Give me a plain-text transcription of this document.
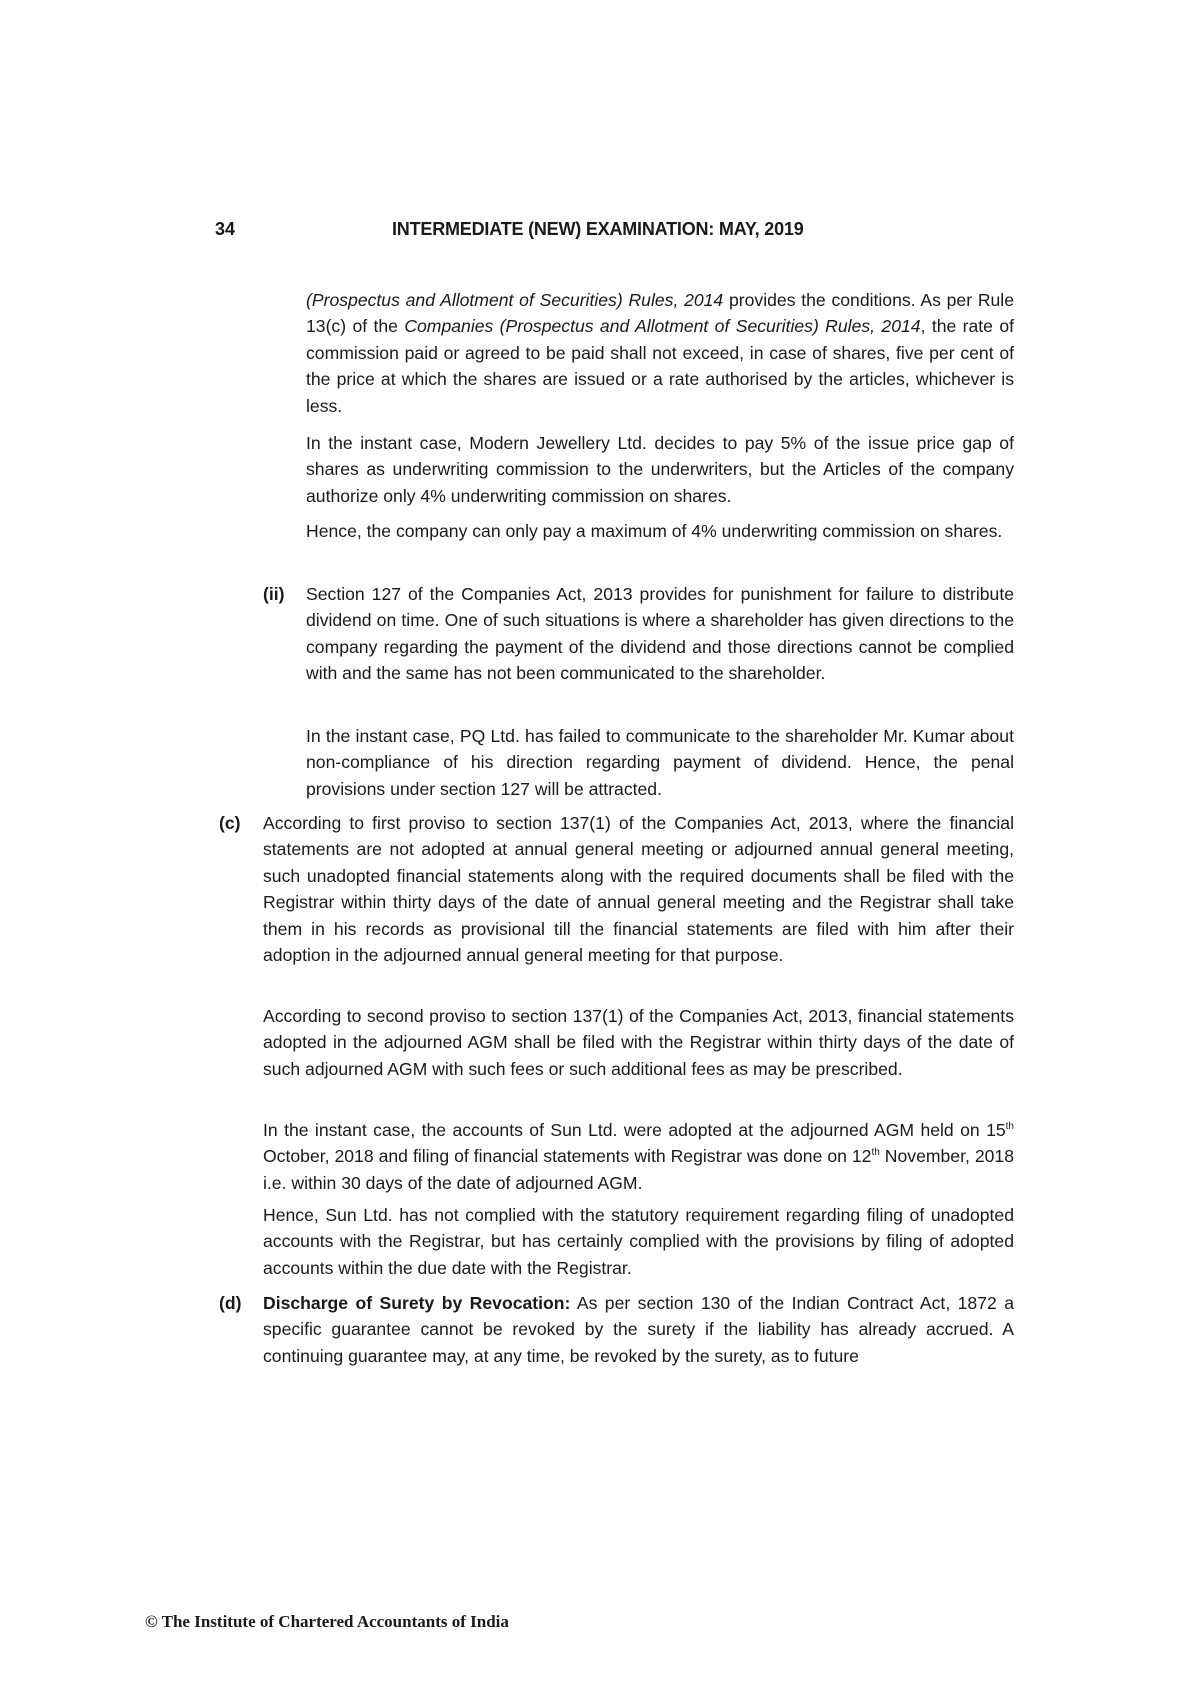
34	INTERMEDIATE (NEW) EXAMINATION: MAY, 2019

(Prospectus and Allotment of Securities) Rules, 2014 provides the conditions. As per Rule 13(c) of the Companies (Prospectus and Allotment of Securities) Rules, 2014, the rate of commission paid or agreed to be paid shall not exceed, in case of shares, five per cent of the price at which the shares are issued or a rate authorised by the articles, whichever is less.

In the instant case, Modern Jewellery Ltd. decides to pay 5% of the issue price gap of shares as underwriting commission to the underwriters, but the Articles of the company authorize only 4% underwriting commission on shares.

Hence, the company can only pay a maximum of 4% underwriting commission on shares.

(ii) Section 127 of the Companies Act, 2013 provides for punishment for failure to distribute dividend on time. One of such situations is where a shareholder has given directions to the company regarding the payment of the dividend and those directions cannot be complied with and the same has not been communicated to the shareholder.

In the instant case, PQ Ltd. has failed to communicate to the shareholder Mr. Kumar about non-compliance of his direction regarding payment of dividend. Hence, the penal provisions under section 127 will be attracted.

(c) According to first proviso to section 137(1) of the Companies Act, 2013, where the financial statements are not adopted at annual general meeting or adjourned annual general meeting, such unadopted financial statements along with the required documents shall be filed with the Registrar within thirty days of the date of annual general meeting and the Registrar shall take them in his records as provisional till the financial statements are filed with him after their adoption in the adjourned annual general meeting for that purpose.

According to second proviso to section 137(1) of the Companies Act, 2013, financial statements adopted in the adjourned AGM shall be filed with the Registrar within thirty days of the date of such adjourned AGM with such fees or such additional fees as may be prescribed.

In the instant case, the accounts of Sun Ltd. were adopted at the adjourned AGM held on 15th October, 2018 and filing of financial statements with Registrar was done on 12th November, 2018 i.e. within 30 days of the date of adjourned AGM.

Hence, Sun Ltd. has not complied with the statutory requirement regarding filing of unadopted accounts with the Registrar, but has certainly complied with the provisions by filing of adopted accounts within the due date with the Registrar.

(d) Discharge of Surety by Revocation: As per section 130 of the Indian Contract Act, 1872 a specific guarantee cannot be revoked by the surety if the liability has already accrued. A continuing guarantee may, at any time, be revoked by the surety, as to future

© The Institute of Chartered Accountants of India
